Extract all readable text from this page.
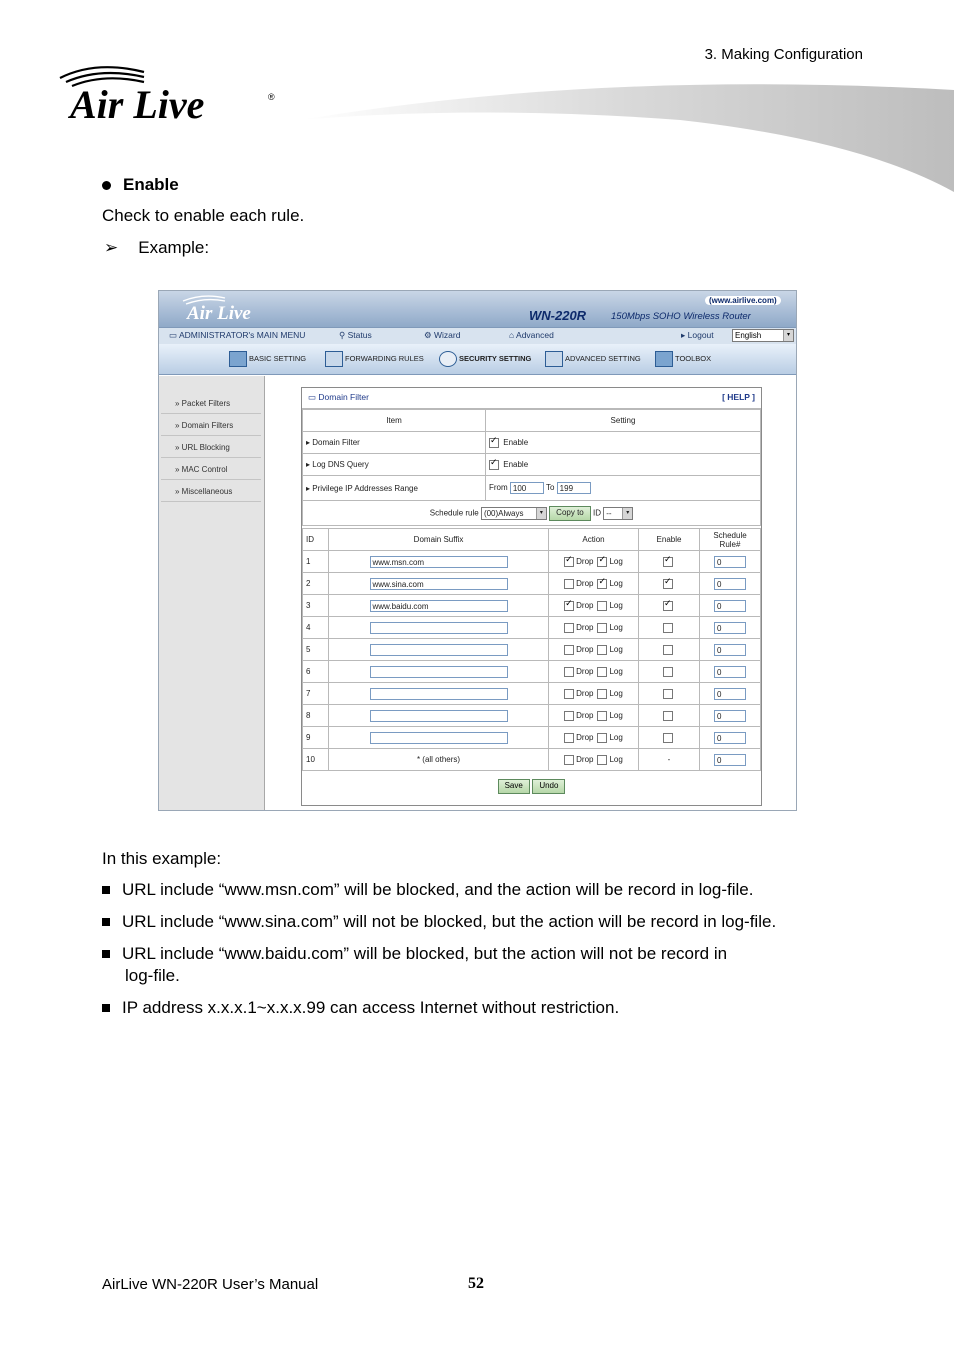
3. Making Configuration
Air Live	®
Enable
Check to enable each rule.
➢ Example:
Air Live	WN-220R	150Mbps SOHO Wireless Router
(www.airlive.com)
▭ ADMINISTRATOR's MAIN MENU	⚲ Status	⚙ Wizard	⌂ Advanced	▸ Logout	English	▾
BASIC SETTING	FORWARDING RULES	SECURITY SETTING	ADVANCED SETTING	TOOLBOX
» Packet Filters
» Domain Filters
» URL Blocking
» MAC Control
» Miscellaneous
▭ Domain Filter	[ HELP ]
Item	Setting
▸ Domain Filter	✓Enable
▸ Log DNS Query	✓Enable
▸ Privilege IP Addresses Range	From 100 To 199
Schedule rule (00)Always ▾ Copy to ID -- ▾	
ID	Domain Suffix	Action	Enable	Schedule Rule#
1	www.msn.com	✓Drop ✓ Log	✓	0
2	www.sina.com	Drop ✓ Log	✓	0
3	www.baidu.com	✓Drop Log	✓	0
4		Drop Log		0
5		Drop Log		0
6		Drop Log		0
7		Drop Log		0
8		Drop Log		0
9		Drop Log		0
10	* (all others)	Drop Log	-	0
Save Undo
In this example:
URL include “www.msn.com” will be blocked, and the action will be record in log-file.
URL include “www.sina.com” will not be blocked, but the action will be record in log-file.
URL include “www.baidu.com” will be blocked, but the action will not be record in
log-file.
IP address x.x.x.1~x.x.x.99 can access Internet without restriction.
AirLive WN-220R User’s Manual	52
